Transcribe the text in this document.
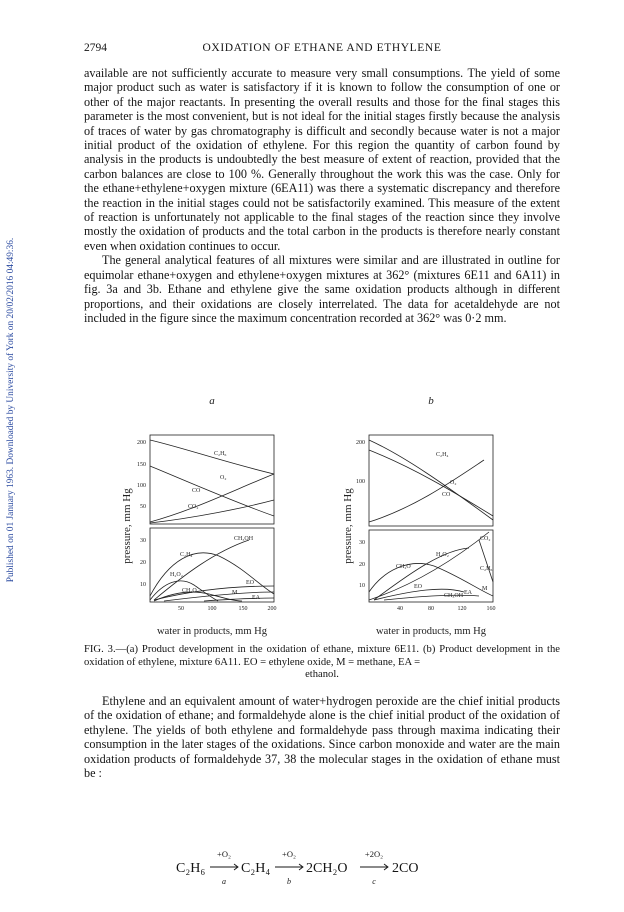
Published on 01 January 1963. Downloaded by University of York on 20/02/2016 04:49:36.
2794	OXIDATION OF ETHANE AND ETHYLENE

available are not sufficiently accurate to measure very small consumptions. The yield of some major product such as water is satisfactory if it is known to follow the consumption of one or other of the major reactants. In presenting the overall results and those for the final stages this parameter is the most convenient, but is not ideal for the initial stages firstly because the analysis of traces of water by gas chromatography is difficult and secondly because water is not a major initial product of the oxidation of ethylene. For this region the quantity of carbon found by analysis in the products is undoubtedly the best measure of extent of reaction, provided that the carbon balances are close to 100 %. Generally throughout the work this was the case. Only for the ethane+ethylene+oxygen mixture (6EA11) was there a systematic discrepancy and therefore the reaction in the initial stages could not be satisfactorily examined. This measure of the extent of reaction is unfortunately not applicable to the final stages of the reaction since they involve mostly the oxidation of products and the total carbon in the products is therefore nearly constant even when oxidation continues to occur.

The general analytical features of all mixtures were similar and are illustrated in outline for equimolar ethane+oxygen and ethylene+oxygen mixtures at 362° (mixtures 6E11 and 6A11) in fig. 3a and 3b. Ethane and ethylene give the same oxidation products although in different proportions, and their oxidations are closely interrelated. The data for acetaldehyde are not included in the figure since the maximum concentration recorded at 362° was 0·2 mm.

a	b
pressure, mm Hg	pressure, mm Hg
200
150
100
50
30
20
10
50	100	150	200
200
100
30
20
10
40	80	120	160
C₂H₆
O₂
CO
CO₂
CH₃OH
C₂H₄
H₂O₂
CH₂O
EO
M
EA
C₂H₄
O₂
CO
CO₂
H₂O₂
CH₂O	C₂H₆
M
EO
CH₃OH EA
water in products, mm Hg	water in products, mm Hg
FIG. 3.—(a) Product development in the oxidation of ethane, mixture 6E11. (b) Product development in the oxidation of ethylene, mixture 6A11. EO = ethylene oxide, M = methane, EA =
ethanol.

Ethylene and an equivalent amount of water+hydrogen peroxide are the chief initial products of the oxidation of ethane; and formaldehyde alone is the chief initial product of the oxidation of ethylene. The yields of both ethylene and formaldehyde pass through maxima indicating their consumption in the later stages of the oxidations. Since carbon monoxide and water are the main oxidation products of formaldehyde 37, 38 the molecular stages in the oxidation of ethane must be :

C₂H₆	C₂H₄	2CH₂O	2CO
+O₂	+O₂	+2O₂
a	b	c
